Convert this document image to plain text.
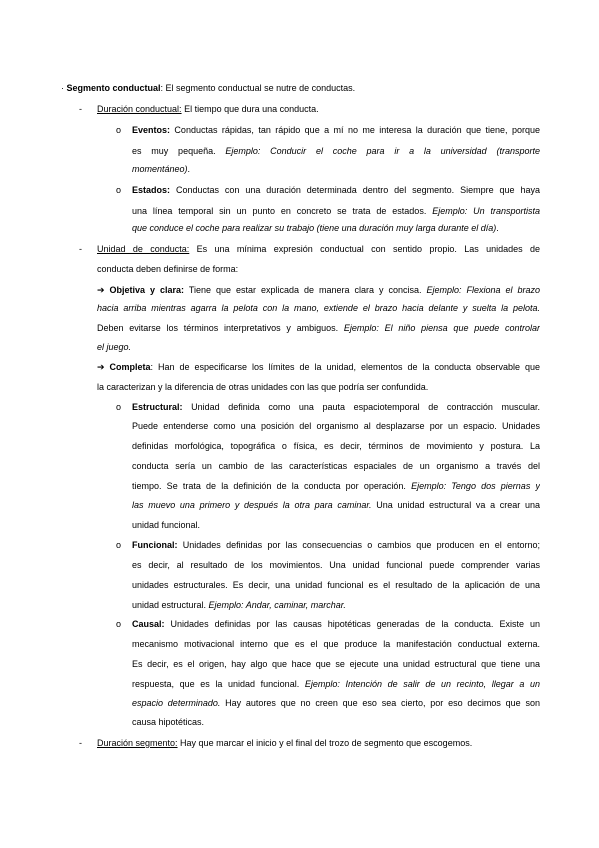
· Segmento conductual: El segmento conductual se nutre de conductas.
- Duración conductual: El tiempo que dura una conducta.
o Eventos: Conductas rápidas, tan rápido que a mí no me interesa la duración que tiene, porque
es muy pequeña. Ejemplo: Conducir el coche para ir a la universidad (transporte
momentáneo).
o Estados: Conductas con una duración determinada dentro del segmento. Siempre que haya
una línea temporal sin un punto en concreto se trata de estados. Ejemplo: Un transportista
que conduce el coche para realizar su trabajo (tiene una duración muy larga durante el día).
- Unidad de conducta: Es una mínima expresión conductual con sentido propio. Las unidades de
conducta deben definirse de forma:
➔ Objetiva y clara: Tiene que estar explicada de manera clara y concisa. Ejemplo: Flexiona el brazo
hacia arriba mientras agarra la pelota con la mano, extiende el brazo hacia delante y suelta la pelota.
Deben evitarse los términos interpretativos y ambiguos. Ejemplo: El niño piensa que puede controlar
el juego.
➔ Completa: Han de especificarse los límites de la unidad, elementos de la conducta observable que
la caracterizan y la diferencia de otras unidades con las que podría ser confundida.
o Estructural: Unidad definida como una pauta espaciotemporal de contracción muscular.
Puede entenderse como una posición del organismo al desplazarse por un espacio. Unidades
definidas morfológica, topográfica o física, es decir, términos de movimiento y postura. La
conducta sería un cambio de las características espaciales de un organismo a través del
tiempo. Se trata de la definición de la conducta por operación. Ejemplo: Tengo dos piernas y
las muevo una primero y después la otra para caminar. Una unidad estructural va a crear una
unidad funcional.
o Funcional: Unidades definidas por las consecuencias o cambios que producen en el entorno;
es decir, al resultado de los movimientos. Una unidad funcional puede comprender varias
unidades estructurales. Es decir, una unidad funcional es el resultado de la aplicación de una
unidad estructural. Ejemplo: Andar, caminar, marchar.
o Causal: Unidades definidas por las causas hipotéticas generadas de la conducta. Existe un
mecanismo motivacional interno que es el que produce la manifestación conductual externa.
Es decir, es el origen, hay algo que hace que se ejecute una unidad estructural que tiene una
respuesta, que es la unidad funcional. Ejemplo: Intención de salir de un recinto, llegar a un
espacio determinado. Hay autores que no creen que eso sea cierto, por eso decimos que son
causa hipotéticas.
- Duración segmento: Hay que marcar el inicio y el final del trozo de segmento que escogemos.
